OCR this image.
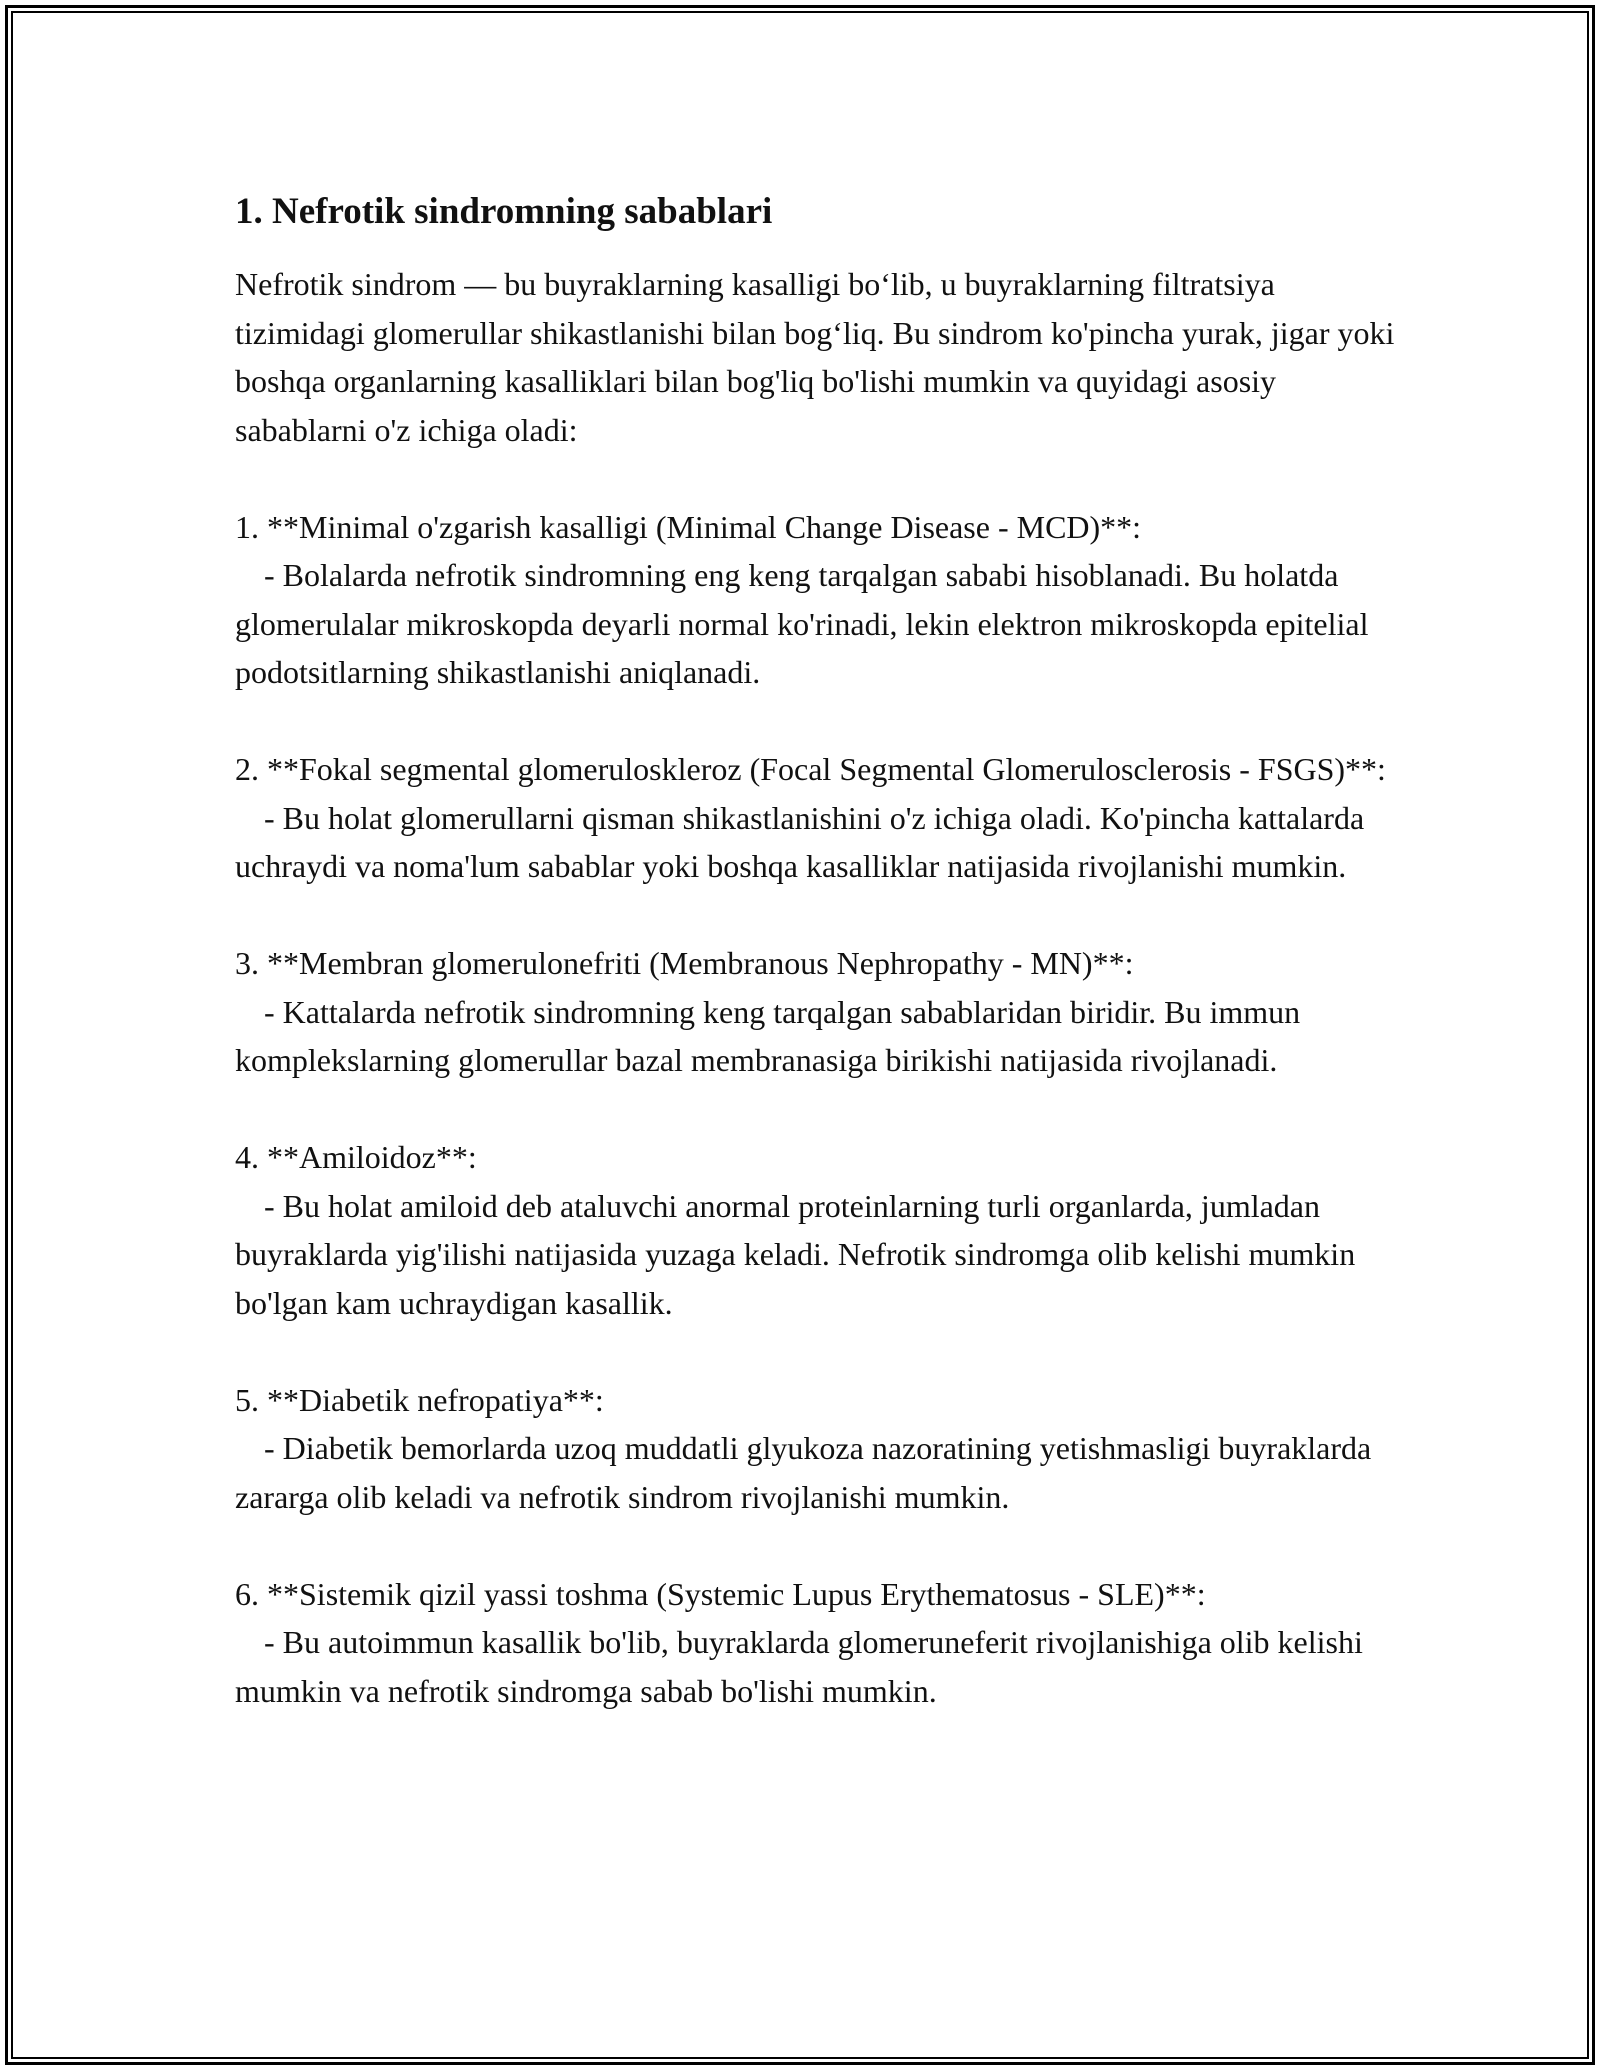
1. Nefrotik sindromning sabablari

Nefrotik sindrom — bu buyraklarning kasalligi bo‘lib, u buyraklarning filtratsiya tizimidagi glomerullar shikastlanishi bilan bog‘liq. Bu sindrom ko'pincha yurak, jigar yoki boshqa organlarning kasalliklari bilan bog'liq bo'lishi mumkin va quyidagi asosiy sabablarni o'z ichiga oladi:

1. **Minimal o'zgarish kasalligi (Minimal Change Disease - MCD)**:
- Bolalarda nefrotik sindromning eng keng tarqalgan sababi hisoblanadi. Bu holatda glomerulalar mikroskopda deyarli normal ko'rinadi, lekin elektron mikroskopda epitelial podotsitlarning shikastlanishi aniqlanadi.
2. **Fokal segmental glomeruloskleroz (Focal Segmental Glomerulosclerosis - FSGS)**:
- Bu holat glomerullarni qisman shikastlanishini o'z ichiga oladi. Ko'pincha kattalarda uchraydi va noma'lum sabablar yoki boshqa kasalliklar natijasida rivojlanishi mumkin.
3. **Membran glomerulonefriti (Membranous Nephropathy - MN)**:
- Kattalarda nefrotik sindromning keng tarqalgan sabablaridan biridir. Bu immun komplekslarning glomerullar bazal membranasiga birikishi natijasida rivojlanadi.
4. **Amiloidoz**:
- Bu holat amiloid deb ataluvchi anormal proteinlarning turli organlarda, jumladan buyraklarda yig'ilishi natijasida yuzaga keladi. Nefrotik sindromga olib kelishi mumkin bo'lgan kam uchraydigan kasallik.
5. **Diabetik nefropatiya**:
- Diabetik bemorlarda uzoq muddatli glyukoza nazoratining yetishmasligi buyraklarda zararga olib keladi va nefrotik sindrom rivojlanishi mumkin.
6. **Sistemik qizil yassi toshma (Systemic Lupus Erythematosus - SLE)**:
- Bu autoimmun kasallik bo'lib, buyraklarda glomeruneferit rivojlanishiga olib kelishi mumkin va nefrotik sindromga sabab bo'lishi mumkin.
